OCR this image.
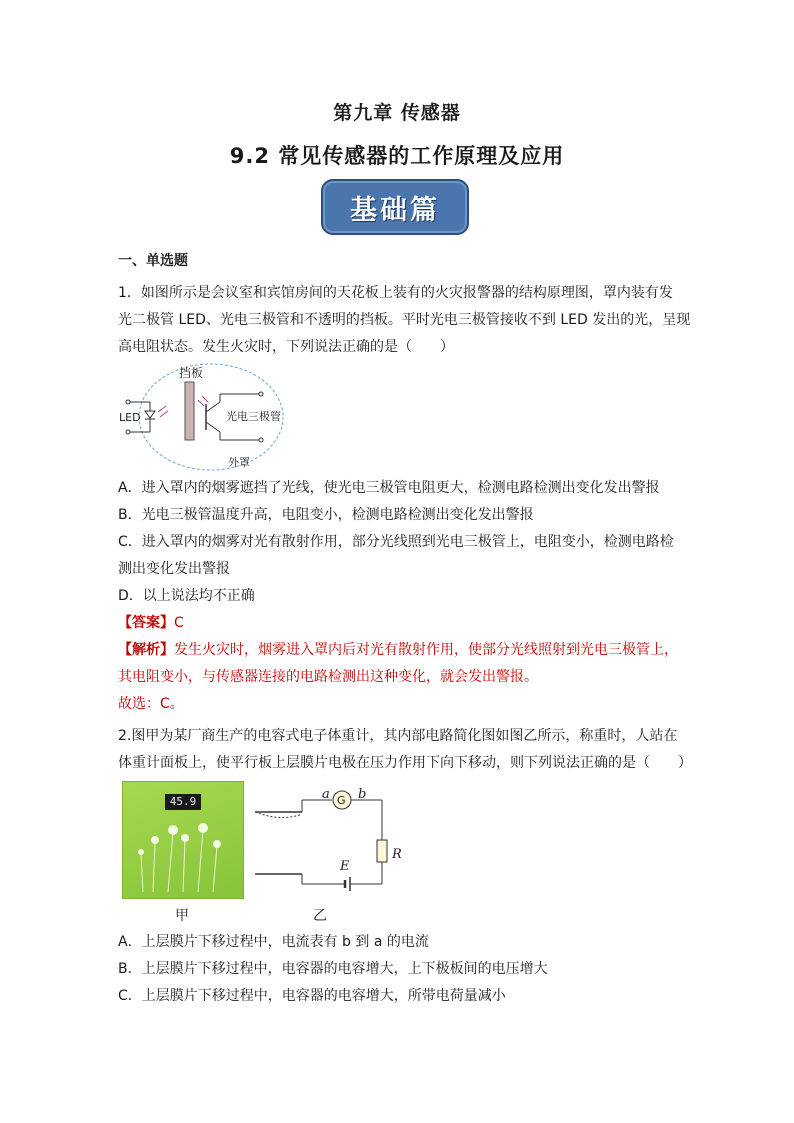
第九章 传感器
9.2 常见传感器的工作原理及应用
基础篇
一、单选题
1．如图所示是会议室和宾馆房间的天花板上装有的火灾报警器的结构原理图，罩内装有发
光二极管 LED、光电三极管和不透明的挡板。平时光电三极管接收不到 LED 发出的光，呈现
高电阻状态。发生火灾时，下列说法正确的是（　　）
挡板
LED	光电三极管
外罩
A．进入罩内的烟雾遮挡了光线，使光电三极管电阻更大，检测电路检测出变化发出警报
B．光电三极管温度升高，电阻变小，检测电路检测出变化发出警报
C．进入罩内的烟雾对光有散射作用，部分光线照到光电三极管上，电阻变小，检测电路检
测出变化发出警报
D．以上说法均不正确
【答案】C
【解析】发生火灾时，烟雾进入罩内后对光有散射作用，使部分光线照射到光电三极管上，
其电阻变小，与传感器连接的电路检测出这种变化，就会发出警报。
故选：C。
2.图甲为某厂商生产的电容式电子体重计，其内部电路简化图如图乙所示，称重时，人站在
体重计面板上，使平行板上层膜片电极在压力作用下向下移动，则下列说法正确的是（　　）
45.9
甲
G
a b
R
E
乙
A．上层膜片下移过程中，电流表有 b 到 a 的电流
B．上层膜片下移过程中，电容器的电容增大，上下极板间的电压增大
C．上层膜片下移过程中，电容器的电容增大，所带电荷量减小
